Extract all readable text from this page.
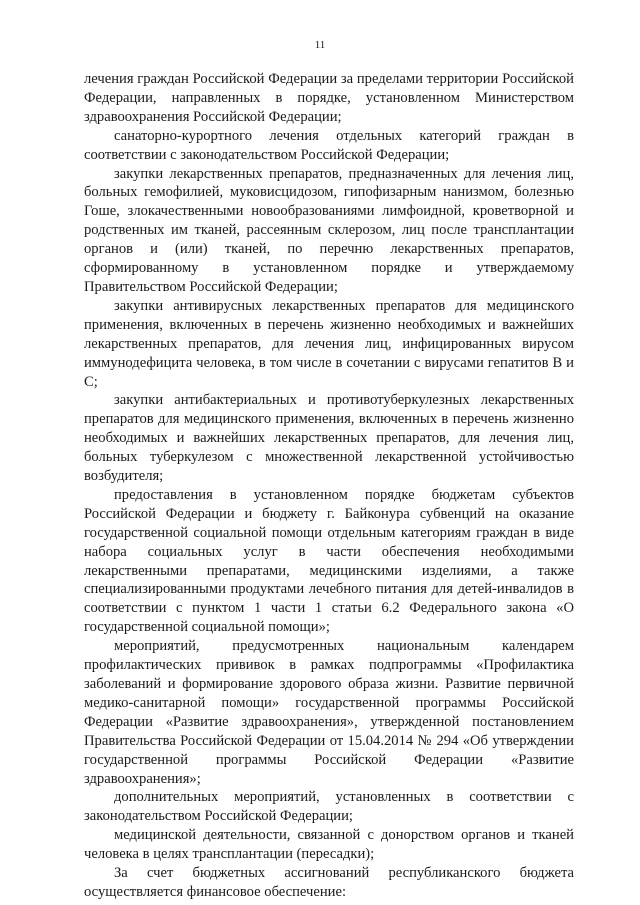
11

лечения граждан Российской Федерации за пределами территории Российской Федерации, направленных в порядке, установленном Министерством здравоохранения Российской Федерации;

санаторно-курортного лечения отдельных категорий граждан в соответствии с законодательством Российской Федерации;

закупки лекарственных препаратов, предназначенных для лечения лиц, больных гемофилией, муковисцидозом, гипофизарным нанизмом, болезнью Гоше, злокачественными новообразованиями лимфоидной, кроветворной и родственных им тканей, рассеянным склерозом, лиц после трансплантации органов и (или) тканей, по перечню лекарственных препаратов, сформированному в установленном порядке и утверждаемому Правительством Российской Федерации;

закупки антивирусных лекарственных препаратов для медицинского применения, включенных в перечень жизненно необходимых и важнейших лекарственных препаратов, для лечения лиц, инфицированных вирусом иммунодефицита человека, в том числе в сочетании с вирусами гепатитов В и С;

закупки антибактериальных и противотуберкулезных лекарственных препаратов для медицинского применения, включенных в перечень жизненно необходимых и важнейших лекарственных препаратов, для лечения лиц, больных туберкулезом с множественной лекарственной устойчивостью возбудителя;

предоставления в установленном порядке бюджетам субъектов Российской Федерации и бюджету г. Байконура субвенций на оказание государственной социальной помощи отдельным категориям граждан в виде набора социальных услуг в части обеспечения необходимыми лекарственными препаратами, медицинскими изделиями, а также специализированными продуктами лечебного питания для детей-инвалидов в соответствии с пунктом 1 части 1 статьи 6.2 Федерального закона «О государственной социальной помощи»;

мероприятий, предусмотренных национальным календарем профилактических прививок в рамках подпрограммы «Профилактика заболеваний и формирование здорового образа жизни. Развитие первичной медико-санитарной помощи» государственной программы Российской Федерации «Развитие здравоохранения», утвержденной постановлением Правительства Российской Федерации от 15.04.2014 № 294 «Об утверждении государственной программы Российской Федерации «Развитие здравоохранения»;

дополнительных мероприятий, установленных в соответствии с законодательством Российской Федерации;

медицинской деятельности, связанной с донорством органов и тканей человека в целях трансплантации (пересадки);

За счет бюджетных ассигнований республиканского бюджета осуществляется финансовое обеспечение:
